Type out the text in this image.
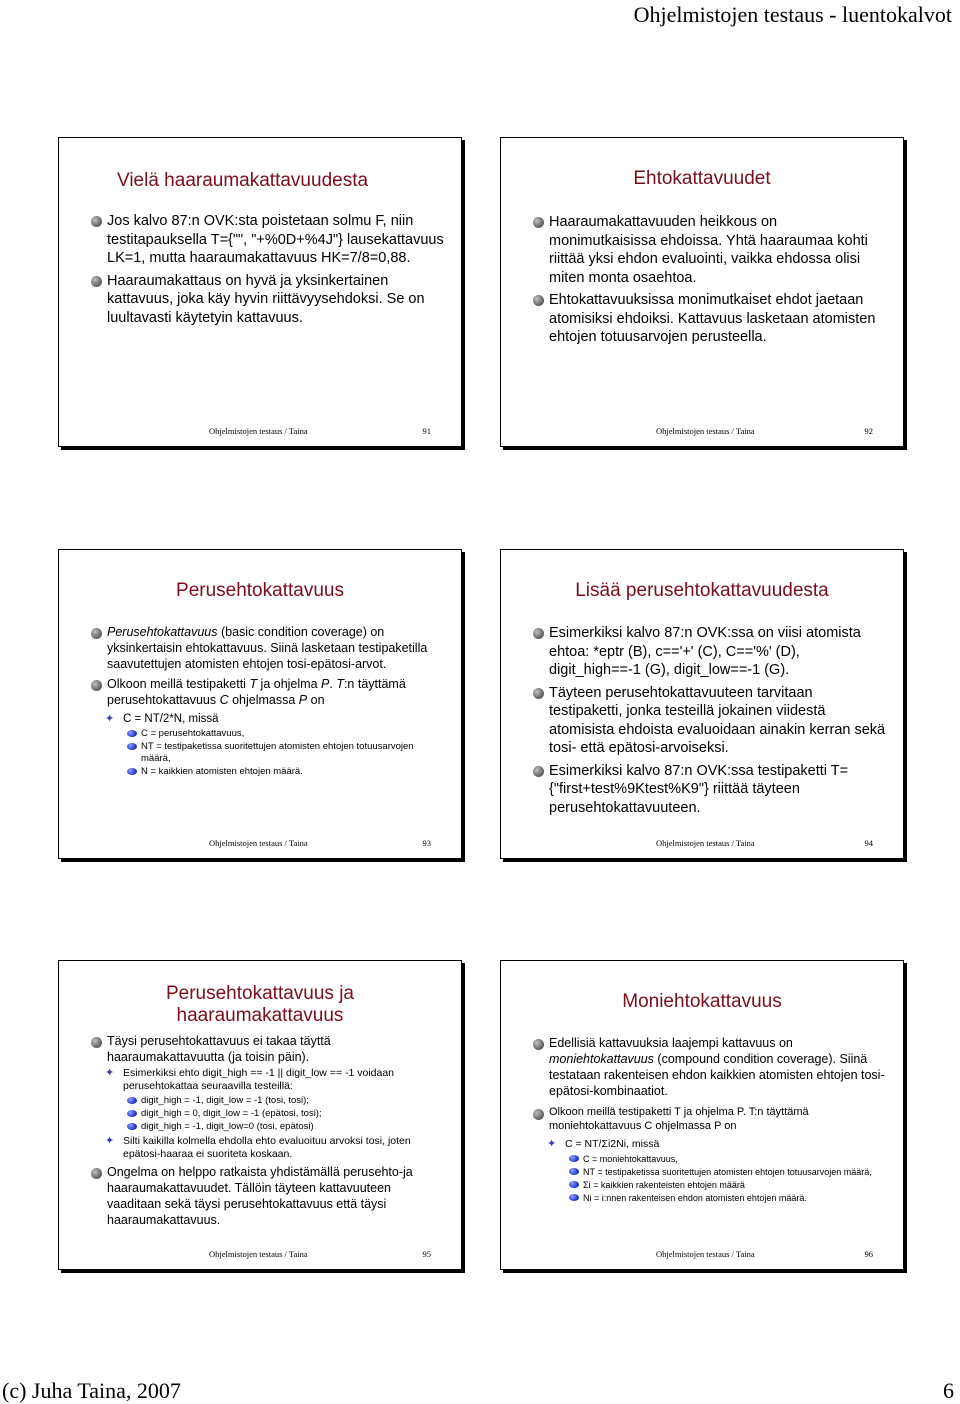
Ohjelmistojen testaus - luentokalvot
Vielä haaraumakattavuudesta
Jos kalvo 87:n OVK:sta poistetaan solmu F, niin testitapauksella T={"", "+%0D+%4J"} lausekattavuus LK=1, mutta haaraumakattavuus HK=7/8=0,88.
Haaraumakattaus on hyvä ja yksinkertainen kattavuus, joka käy hyvin riittävyysehdoksi. Se on luultavasti käytetyin kattavuus.
Ohjelmistojen testaus / Taina	91
Ehtokattavuudet
Haaraumakattavuuden heikkous on monimutkaisissa ehdoissa. Yhtä haaraumaa kohti riittää yksi ehdon evaluointi, vaikka ehdossa olisi miten monta osaehtoa.
Ehtokattavuuksissa monimutkaiset ehdot jaetaan atomisiksi ehdoiksi. Kattavuus lasketaan atomisten ehtojen totuusarvojen perusteella.
Ohjelmistojen testaus / Taina	92
Perusehtokattavuus
Perusehtokattavuus (basic condition coverage) on yksinkertaisin ehtokattavuus. Siinä lasketaan testipaketilla saavutettujen atomisten ehtojen tosi-epätosi-arvot.
Olkoon meillä testipaketti T ja ohjelma P. T:n täyttämä perusehtokattavuus C ohjelmassa P on
✦ C = NT/2*N, missä
C = perusehtokattavuus,
NT = testipaketissa suoritettujen atomisten ehtojen totuusarvojen määrä,
N = kaikkien atomisten ehtojen määrä.
Ohjelmistojen testaus / Taina	93
Lisää perusehtokattavuudesta
Esimerkiksi kalvo 87:n OVK:ssa on viisi atomista ehtoa: *eptr (B), c=='+' (C), C=='%' (D), digit_high==-1 (G), digit_low==-1 (G).
Täyteen perusehtokattavuuteen tarvitaan testipaketti, jonka testeillä jokainen viidestä atomisista ehdoista evaluoidaan ainakin kerran sekä tosi- että epätosi-arvoiseksi.
Esimerkiksi kalvo 87:n OVK:ssa testipaketti T={"first+test%9Ktest%K9"} riittää täyteen perusehtokattavuuteen.
Ohjelmistojen testaus / Taina	94
Perusehtokattavuus ja
haaraumakattavuus
Täysi perusehtokattavuus ei takaa täyttä haaraumakattavuutta (ja toisin päin).
✦ Esimerkiksi ehto digit_high == -1 || digit_low == -1 voidaan perusehtokattaa seuraavilla testeillä:
digit_high = -1, digit_low = -1 (tosi, tosi);
digit_high = 0, digit_low = -1 (epätosi, tosi);
digit_high = -1, digit_low=0 (tosi, epätosi)
✦ Silti kaikilla kolmella ehdolla ehto evaluoituu arvoksi tosi, joten epätosi-haaraa ei suoriteta koskaan.
Ongelma on helppo ratkaista yhdistämällä perusehto-ja haaraumakattavuudet. Tällöin täyteen kattavuuteen vaaditaan sekä täysi perusehtokattavuus että täysi haaraumakattavuus.
Ohjelmistojen testaus / Taina	95
Moniehtokattavuus
Edellisiä kattavuuksia laajempi kattavuus on moniehtokattavuus (compound condition coverage). Siinä testataan rakenteisen ehdon kaikkien atomisten ehtojen tosi-epätosi-kombinaatiot.
Olkoon meillä testipaketti T ja ohjelma P. T:n täyttämä moniehtokattavuus C ohjelmassa P on
✦ C = NT/Σi2Ni, missä
C = moniehtokattavuus,
NT = testipaketissa suoritettujen atomisten ehtojen totuusarvojen määrä,
Σi = kaikkien rakenteisten ehtojen määrä
Ni = i:nnen rakenteisen ehdon atomisten ehtojen määrä.
Ohjelmistojen testaus / Taina	96
(c) Juha Taina, 2007	6
